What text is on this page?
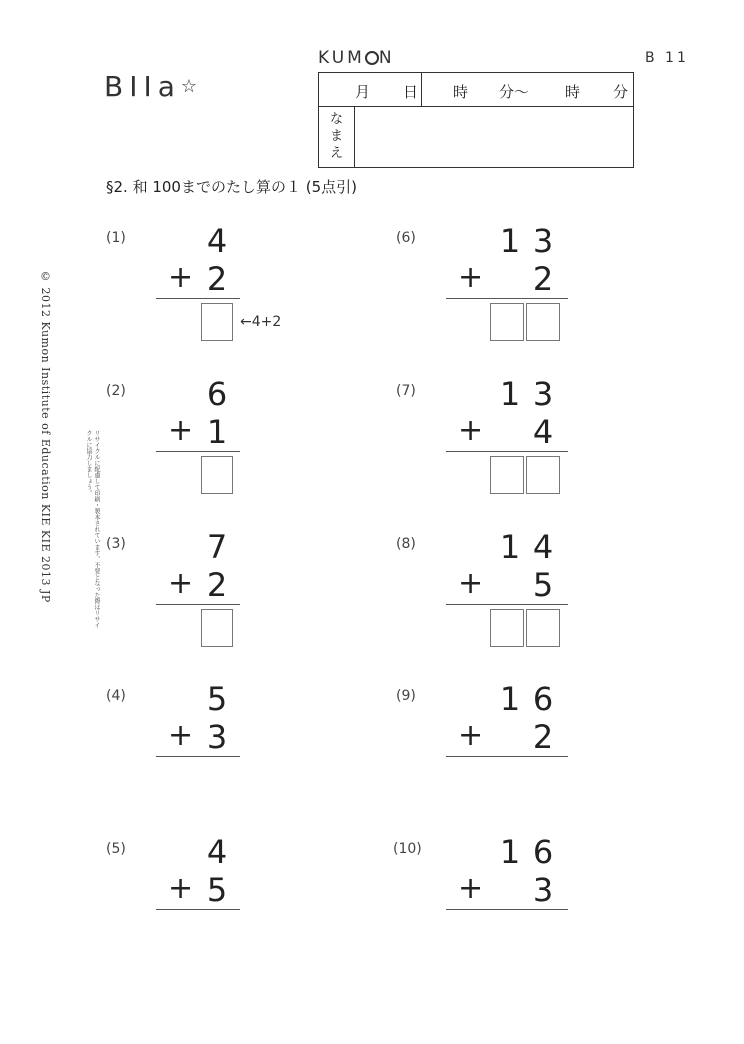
BIIa☆
KUM N	B 11
月 日 時 分〜 時 分
なまえ
§2. 和 100までのたし算の１ (5点引)
© 2012 Kumon Institute of Education KIE KIE 2013 JP	リサイクルに配慮して印刷・製本されています。不要となった際はリサイクルに協力しましょう。
(1)	4
+ 2
←4+2
(2)	6
+ 1
(3)	7
+ 2
(4)	5
+ 3
(5)	4
+ 5
(6)	1 3
+ 2
(7)	1 3
+ 4
(8)	1 4
+ 5
(9)	1 6
+ 2
(10) 1 6
+ 3
